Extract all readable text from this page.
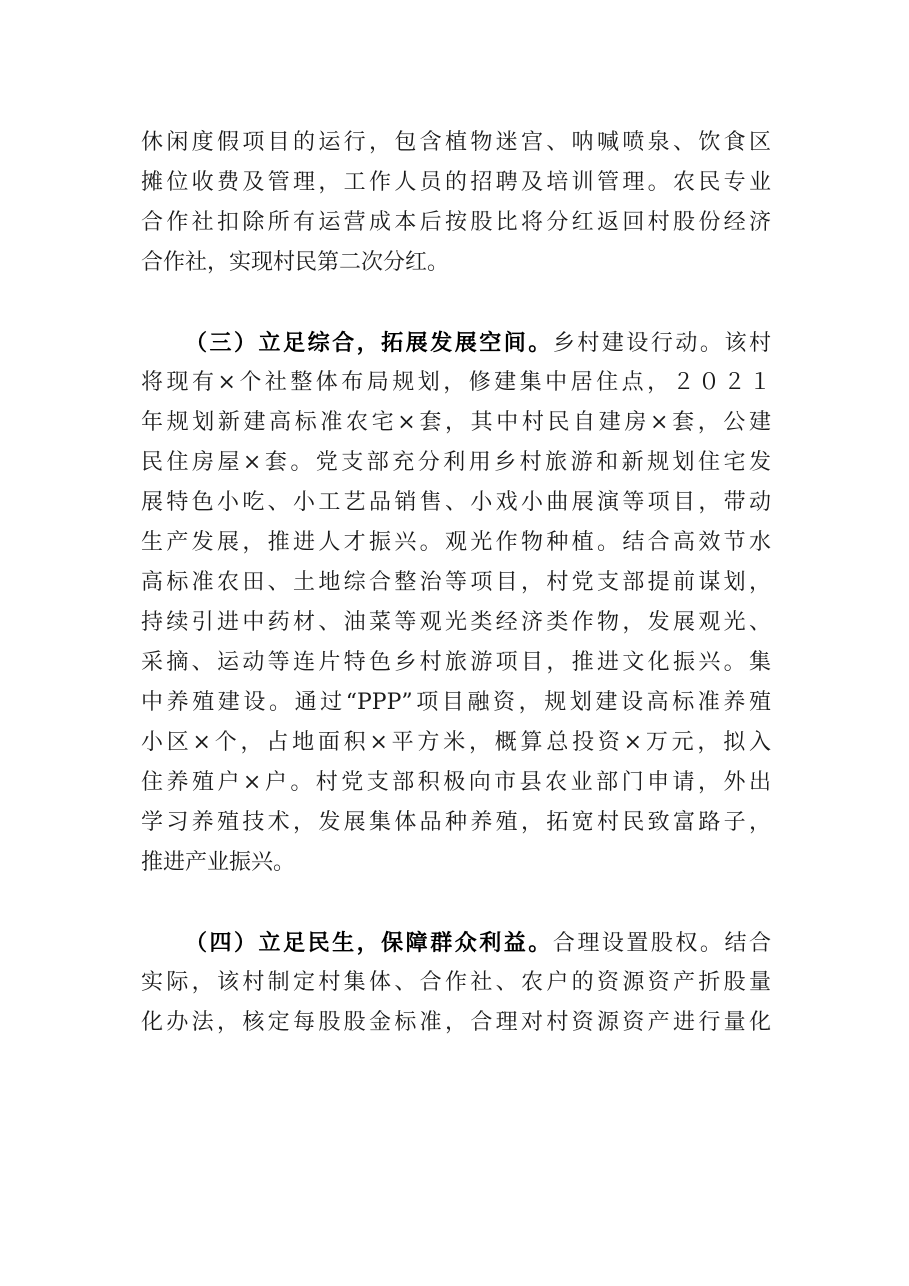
休闲度假项目的运行，包含植物迷宫、呐喊喷泉、饮食区
摊位收费及管理，工作人员的招聘及培训管理。农民专业
合作社扣除所有运营成本后按股比将分红返回村股份经济
合作社，实现村民第二次分红。
（三）立足综合，拓展发展空间。乡村建设行动。该村
将现有×个社整体布局规划，修建集中居住点，２０２１
年规划新建高标准农宅×套，其中村民自建房×套，公建
民住房屋×套。党支部充分利用乡村旅游和新规划住宅发
展特色小吃、小工艺品销售、小戏小曲展演等项目，带动
生产发展，推进人才振兴。观光作物种植。结合高效节水
高标准农田、土地综合整治等项目，村党支部提前谋划，
持续引进中药材、油菜等观光类经济类作物，发展观光、
采摘、运动等连片特色乡村旅游项目，推进文化振兴。集
中养殖建设。通过“PPP”项目融资，规划建设高标准养殖
小区×个，占地面积×平方米，概算总投资×万元，拟入
住养殖户×户。村党支部积极向市县农业部门申请，外出
学习养殖技术，发展集体品种养殖，拓宽村民致富路子，
推进产业振兴。
（四）立足民生，保障群众利益。合理设置股权。结合
实际，该村制定村集体、合作社、农户的资源资产折股量
化办法，核定每股股金标准，合理对村资源资产进行量化
